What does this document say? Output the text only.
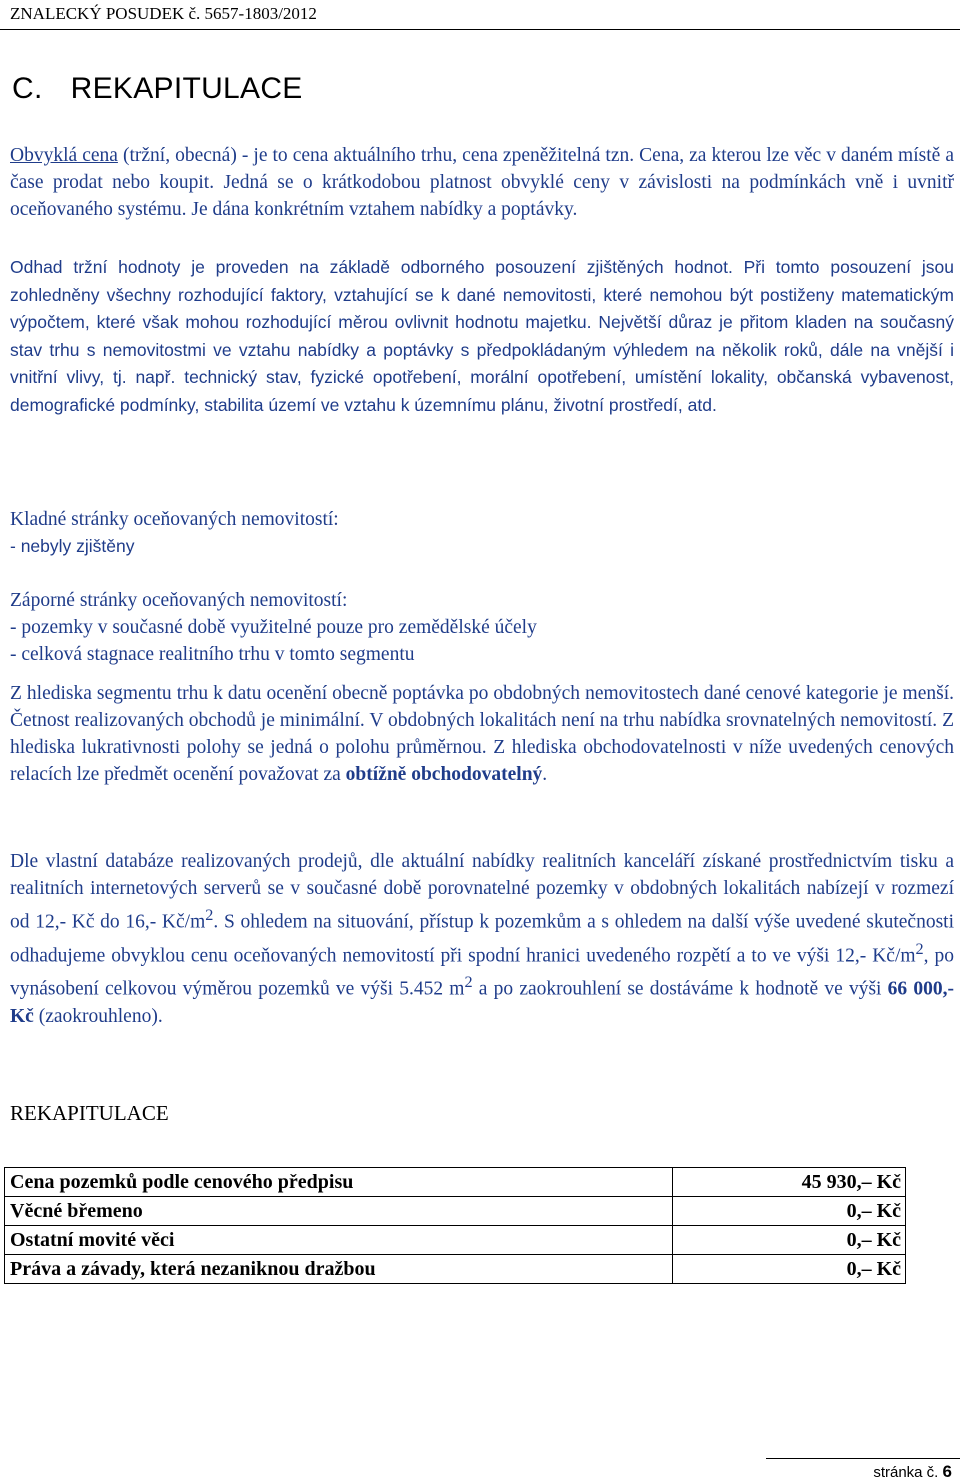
ZNALECKÝ POSUDEK č. 5657-1803/2012
C. REKAPITULACE
Obvyklá cena (tržní, obecná) - je to cena aktuálního trhu, cena zpeněžitelná tzn. Cena, za kterou lze věc v daném místě a čase prodat nebo koupit. Jedná se o krátkodobou platnost obvyklé ceny v závislosti na podmínkách vně i uvnitř oceňovaného systému. Je dána konkrétním vztahem nabídky a poptávky.
Odhad tržní hodnoty je proveden na základě odborného posouzení zjištěných hodnot. Při tomto posouzení jsou zohledněny všechny rozhodující faktory, vztahující se k dané nemovitosti, které nemohou být postiženy matematickým výpočtem, které však mohou rozhodující měrou ovlivnit hodnotu majetku. Největší důraz je přitom kladen na současný stav trhu s nemovitostmi ve vztahu nabídky a poptávky s předpokládaným výhledem na několik roků, dále na vnější i vnitřní vlivy, tj. např. technický stav, fyzické opotřebení, morální opotřebení, umístění lokality, občanská vybavenost, demografické podmínky, stabilita území ve vztahu k územnímu plánu, životní prostředí, atd.
Kladné stránky oceňovaných nemovitostí:
- nebyly zjištěny
Záporné stránky oceňovaných nemovitostí:
- pozemky v současné době využitelné pouze pro zemědělské účely
- celková stagnace realitního trhu v tomto segmentu
Z hlediska segmentu trhu k datu ocenění obecně poptávka po obdobných nemovitostech dané cenové kategorie je menší. Četnost realizovaných obchodů je minimální. V obdobných lokalitách není na trhu nabídka srovnatelných nemovitostí. Z hlediska lukrativnosti polohy se jedná o polohu průměrnou. Z hlediska obchodovatelnosti v níže uvedených cenových relacích lze předmět ocenění považovat za obtížně obchodovatelný.
Dle vlastní databáze realizovaných prodejů, dle aktuální nabídky realitních kanceláří získané prostřednictvím tisku a realitních internetových serverů se v současné době porovnatelné pozemky v obdobných lokalitách nabízejí v rozmezí od 12,- Kč do 16,- $Kč/m^2$. S ohledem na situování, přístup k pozemkům a s ohledem na další výše uvedené skutečnosti odhadujeme obvyklou cenu oceňovaných nemovitostí při spodní hranici uvedeného rozpětí a to ve výši 12,- $Kč/m^2$, po vynásobení celkovou výměrou pozemků ve výši 5.452 $m^2$ a po zaokrouhlení se dostáváme k hodnotě ve výši 66 000,- Kč (zaokrouhleno).
REKAPITULACE
Cena pozemků podle cenového předpisu	45 930,– Kč
Věcné břemeno	0,– Kč
Ostatní movité věci	0,– Kč
Práva a závady, která nezaniknou dražbou	0,– Kč
stránka č. 6
